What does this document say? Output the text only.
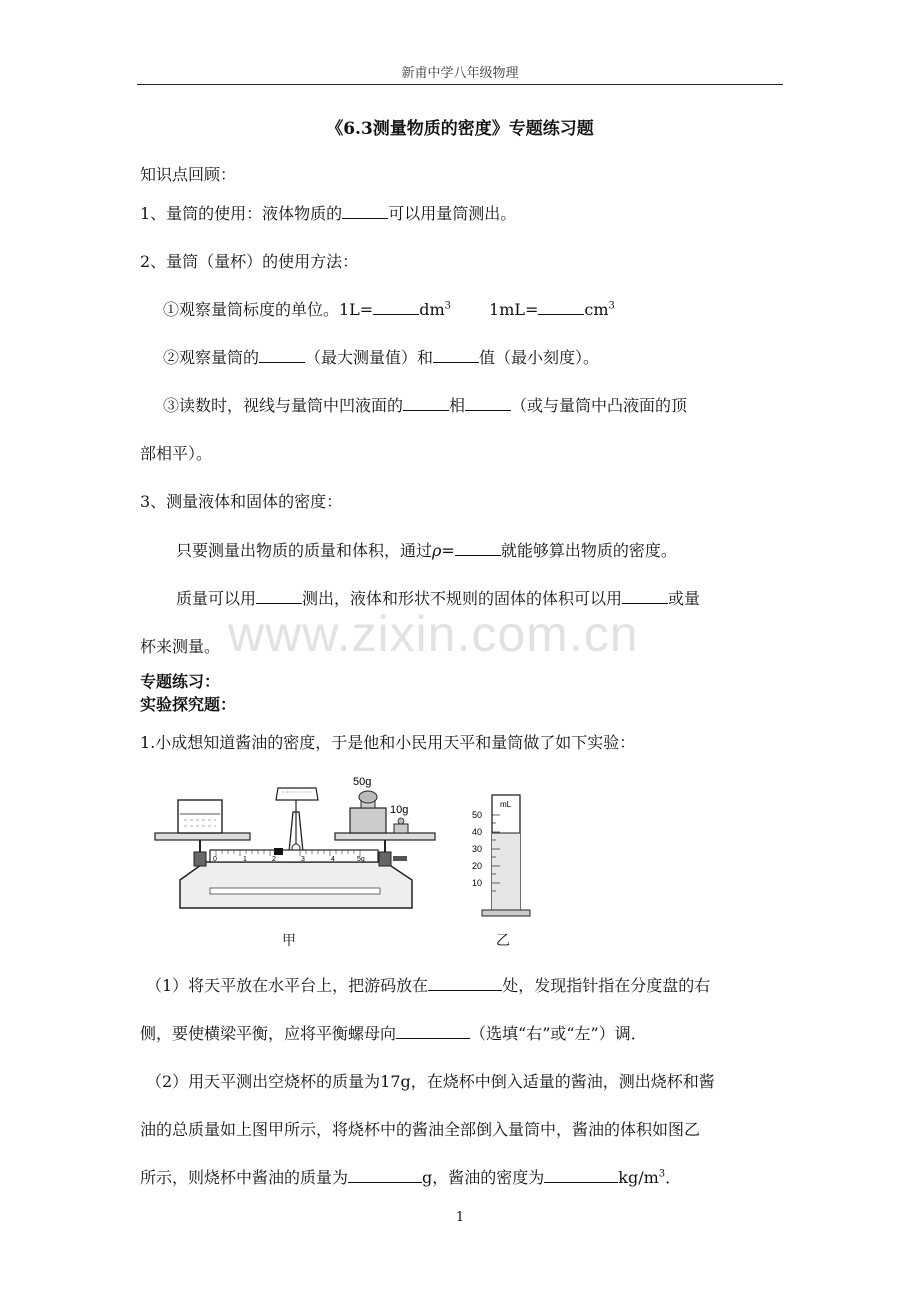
新甫中学八年级物理
《6.3测量物质的密度》专题练习题
知识点回顾：
1、量筒的使用：液体物质的	可以用量筒测出。
2、量筒（量杯）的使用方法：
①观察量筒标度的单位。1L=	$dm^3$ 1mL=	$cm^3$
②观察量筒的	（最大测量值）和	值（最小刻度）。
③读数时，视线与量筒中凹液面的	相	（或与量筒中凸液面的顶
部相平）。
3、测量液体和固体的密度：
只要测量出物质的质量和体积，通过ρ=	就能够算出物质的密度。
质量可以用	测出，液体和形状不规则的固体的体积可以用	或量
杯来测量。 www.zixin.com.cn
专题练习：
实验探究题：
1.小成想知道酱油的密度，于是他和小民用天平和量筒做了如下实验：
50g
10g
0	1	2	3	4	5g
mL
50
40
30
20
10
甲	乙
（1）将天平放在水平台上，把游码放在	处，发现指针指在分度盘的右
侧，要使横梁平衡，应将平衡螺母向	（选填“右”或“左”）调．
（2）用天平测出空烧杯的质量为17g，在烧杯中倒入适量的酱油，测出烧杯和酱
油的总质量如上图甲所示，将烧杯中的酱油全部倒入量筒中，酱油的体积如图乙
所示，则烧杯中酱油的质量为	g，酱油的密度为	$kg/m^3$．
1
